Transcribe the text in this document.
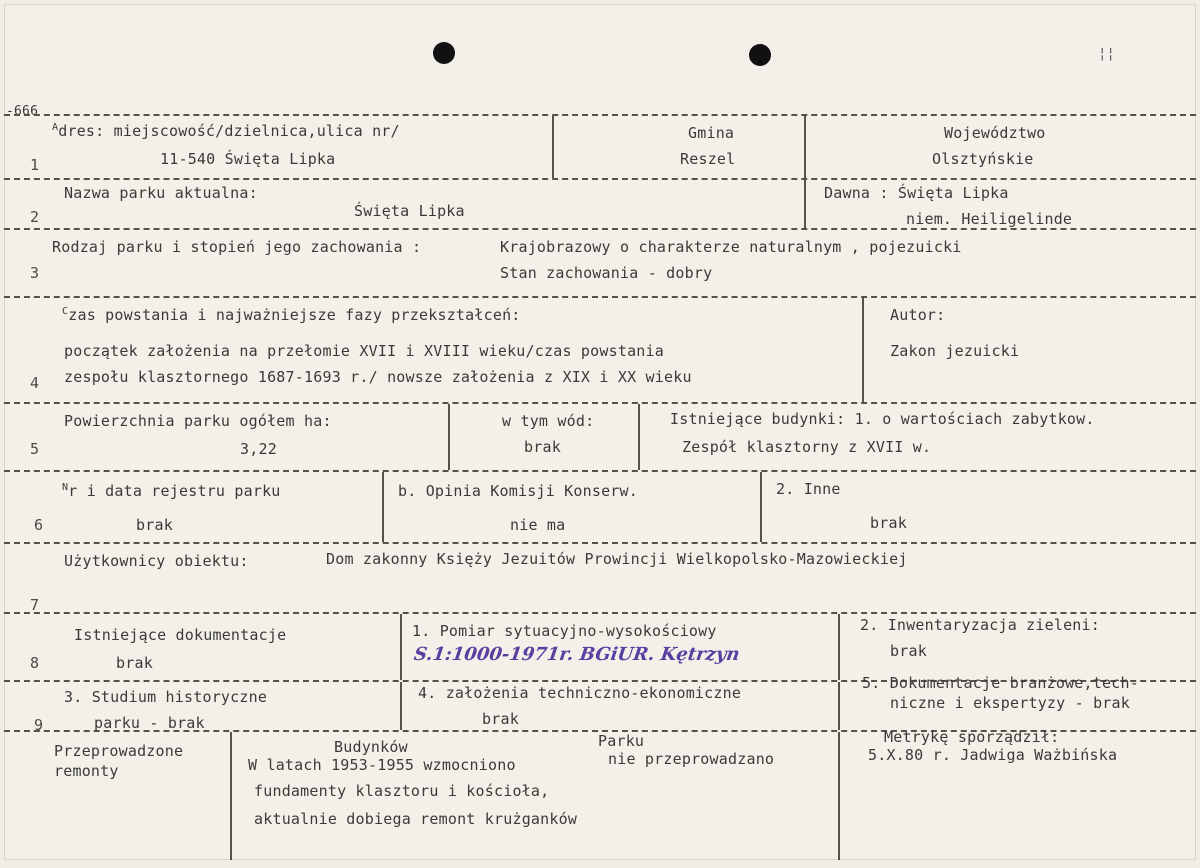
¦¦
-666
1
$^A$dres: miejscowość/dzielnica,ulica nr/
11-540 Święta Lipka
Gmina
Reszel
Województwo
Olsztyńskie
2
Nazwa parku aktualna:
Święta Lipka
Dawna : Święta Lipka
niem. Heiligelinde
3
Rodzaj parku i stopień jego zachowania :	Krajobrazowy o charakterze naturalnym , pojezuicki
Stan zachowania - dobry
4
$^C$zas powstania i najważniejsze fazy przekształceń:
początek założenia na przełomie XVII i XVIII wieku/czas powstania
zespołu klasztornego 1687-1693 r./ nowsze założenia z XIX i XX wieku
Autor:
Zakon jezuicki
5
Powierzchnia parku ogółem ha:
3,22
w tym wód:
brak
Istniejące budynki: 1. o wartościach zabytkow.
Zespół klasztorny z XVII w.
6
$^N$r i data rejestru parku
brak
b. Opinia Komisji Konserw.
nie ma
2. Inne
brak
7
Użytkownicy obiektu:	Dom zakonny Księży Jezuitów Prowincji Wielkopolsko-Mazowieckiej
8
Istniejące dokumentacje
brak
1. Pomiar sytuacyjno-wysokościowy
S.1:1000-1971r. BGiUR. Kętrzyn
2. Inwentaryzacja zieleni:
brak
9
3. Studium historyczne
parku - brak
4. założenia techniczno-ekonomiczne
brak
5. Dokumentacje branżowe,tech-
niczne i ekspertyzy - brak
Przeprowadzone
remonty
Budynków
W latach 1953-1955 wzmocniono
fundamenty klasztoru i kościoła,
aktualnie dobiega remont krużganków
Parku
nie przeprowadzano
Metrykę sporządził:
5.X.80 r. Jadwiga Ważbińska
